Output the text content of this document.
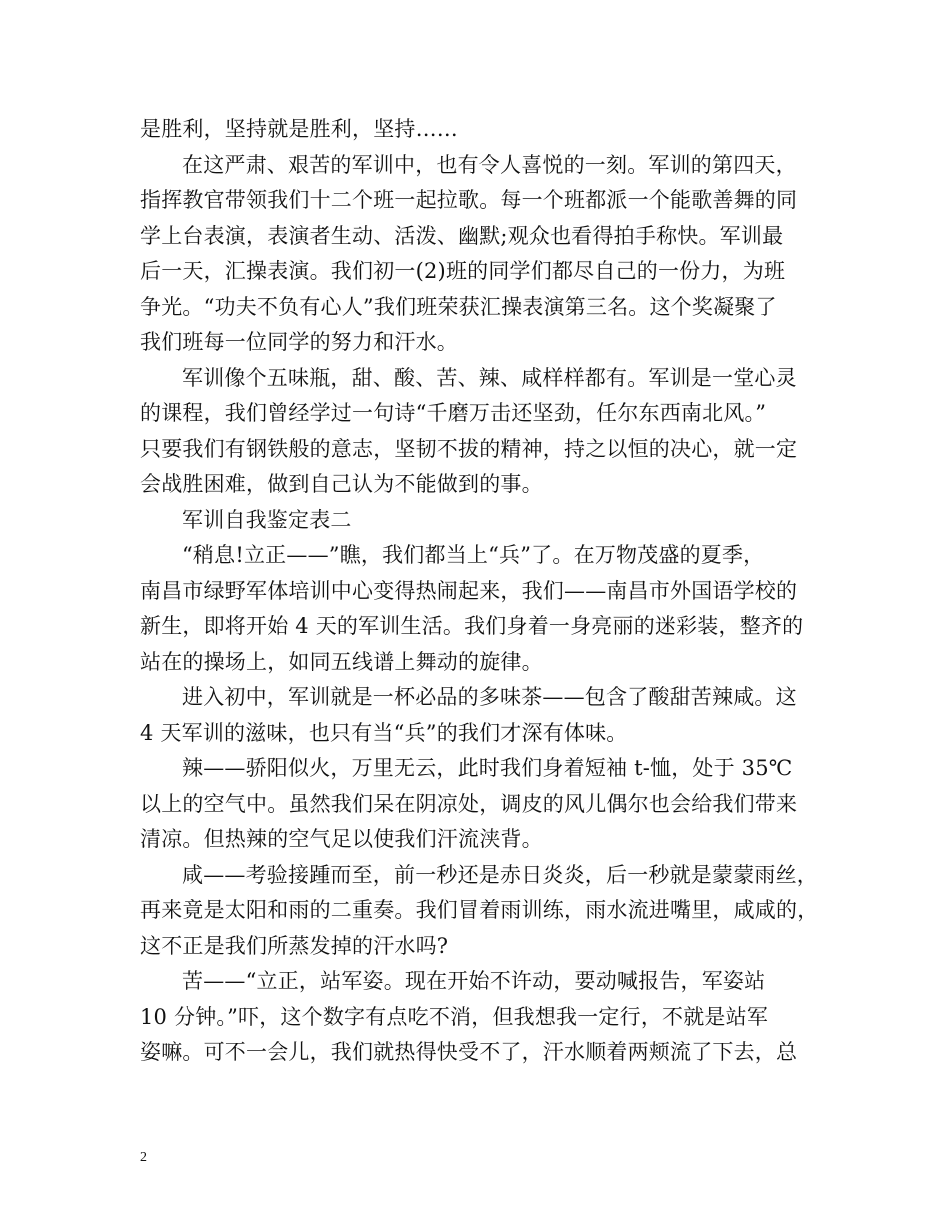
是胜利，坚持就是胜利，坚持……
在这严肃、艰苦的军训中，也有令人喜悦的一刻。军训的第四天，
指挥教官带领我们十二个班一起拉歌。每一个班都派一个能歌善舞的同
学上台表演，表演者生动、活泼、幽默;观众也看得拍手称快。军训最
后一天，汇操表演。我们初一(2)班的同学们都尽自己的一份力，为班
争光。“功夫不负有心人”我们班荣获汇操表演第三名。这个奖凝聚了
我们班每一位同学的努力和汗水。
军训像个五味瓶，甜、酸、苦、辣、咸样样都有。军训是一堂心灵
的课程，我们曾经学过一句诗“千磨万击还坚劲，任尔东西南北风。”
只要我们有钢铁般的意志，坚韧不拔的精神，持之以恒的决心，就一定
会战胜困难，做到自己认为不能做到的事。
军训自我鉴定表二
“稍息!立正——”瞧，我们都当上“兵”了。在万物茂盛的夏季，
南昌市绿野军体培训中心变得热闹起来，我们——南昌市外国语学校的
新生，即将开始 4 天的军训生活。我们身着一身亮丽的迷彩装，整齐的
站在的操场上，如同五线谱上舞动的旋律。
进入初中，军训就是一杯必品的多味茶——包含了酸甜苦辣咸。这
4 天军训的滋味，也只有当“兵”的我们才深有体味。
辣——骄阳似火，万里无云，此时我们身着短袖 t-恤，处于 35℃
以上的空气中。虽然我们呆在阴凉处，调皮的风儿偶尔也会给我们带来
清凉。但热辣的空气足以使我们汗流浃背。
咸——考验接踵而至，前一秒还是赤日炎炎，后一秒就是蒙蒙雨丝，
再来竟是太阳和雨的二重奏。我们冒着雨训练，雨水流进嘴里，咸咸的，
这不正是我们所蒸发掉的汗水吗?
苦——“立正，站军姿。现在开始不许动，要动喊报告，军姿站
10 分钟。”吓，这个数字有点吃不消，但我想我一定行，不就是站军
姿嘛。可不一会儿，我们就热得快受不了，汗水顺着两颊流了下去，总
2
